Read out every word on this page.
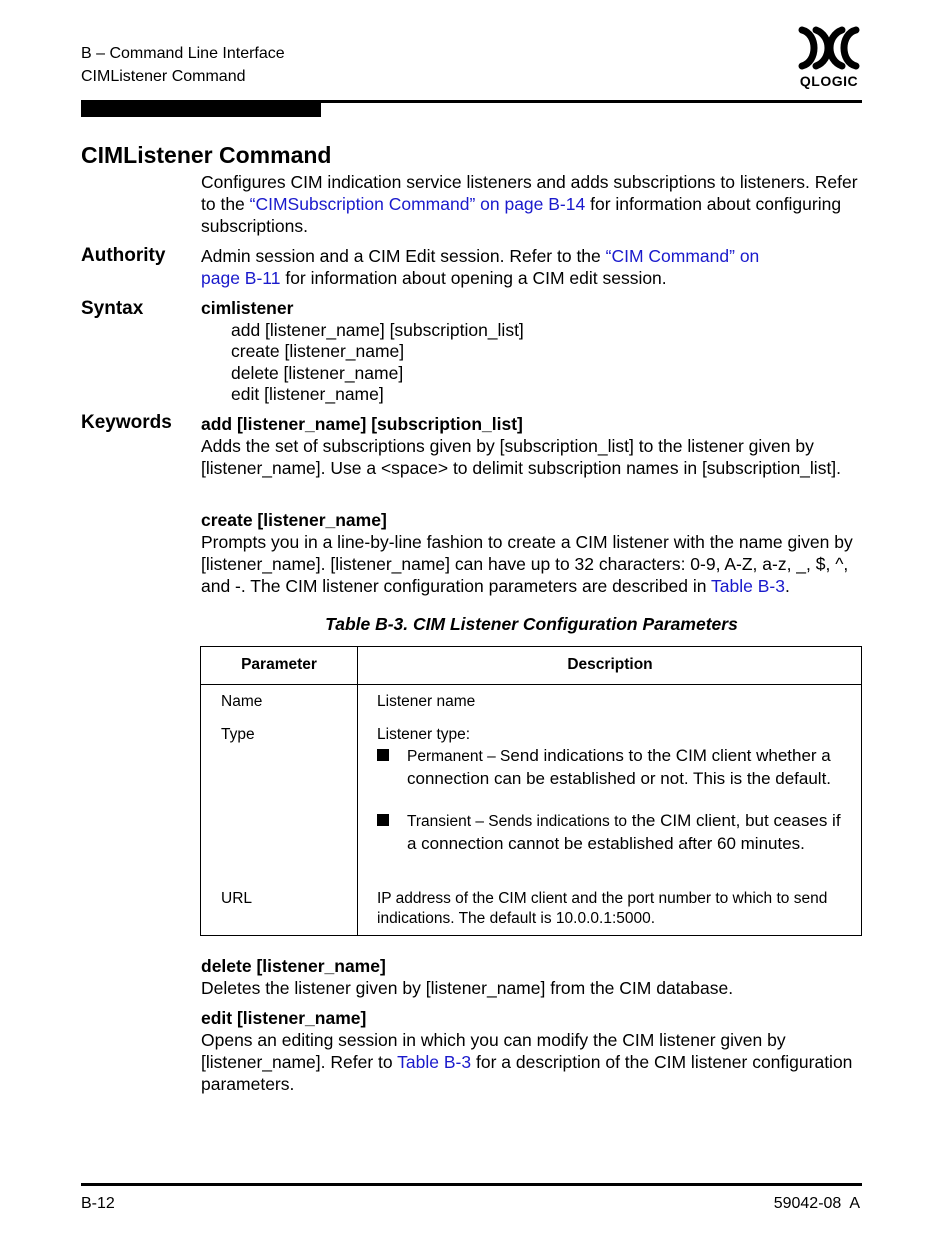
B – Command Line Interface
CIMListener Command	QLOGIC
CIMListener Command
Configures CIM indication service listeners and adds subscriptions to listeners. Refer to the “CIMSubscription Command” on page B-14 for information about configuring subscriptions.
Authority Admin session and a CIM Edit session. Refer to the “CIM Command” on page B-11 for information about opening a CIM edit session.
Syntax	cimlistener
add [listener_name] [subscription_list]
create [listener_name]
delete [listener_name]
edit [listener_name]
Keywords add [listener_name] [subscription_list]
Adds the set of subscriptions given by [subscription_list] to the listener given by [listener_name]. Use a <space> to delimit subscription names in [subscription_list].
create [listener_name]
Prompts you in a line-by-line fashion to create a CIM listener with the name given by [listener_name]. [listener_name] can have up to 32 characters: 0-9, A-Z, a-z, _, $, ^, and -. The CIM listener configuration parameters are described in Table B-3.
Table B-3. CIM Listener Configuration Parameters
Parameter	Description
Name	Listener name
Type	Listener type:
Permanent – Send indications to the CIM client whether a connection can be established or not. This is the default.
Transient – Sends indications to the CIM client, but ceases if a connection cannot be established after 60 minutes.
URL	IP address of the CIM client and the port number to which to send indications. The default is 10.0.0.1:5000.
delete [listener_name]
Deletes the listener given by [listener_name] from the CIM database.
edit [listener_name]
Opens an editing session in which you can modify the CIM listener given by [listener_name]. Refer to Table B-3 for a description of the CIM listener configuration parameters.
B-12	59042-08  A
